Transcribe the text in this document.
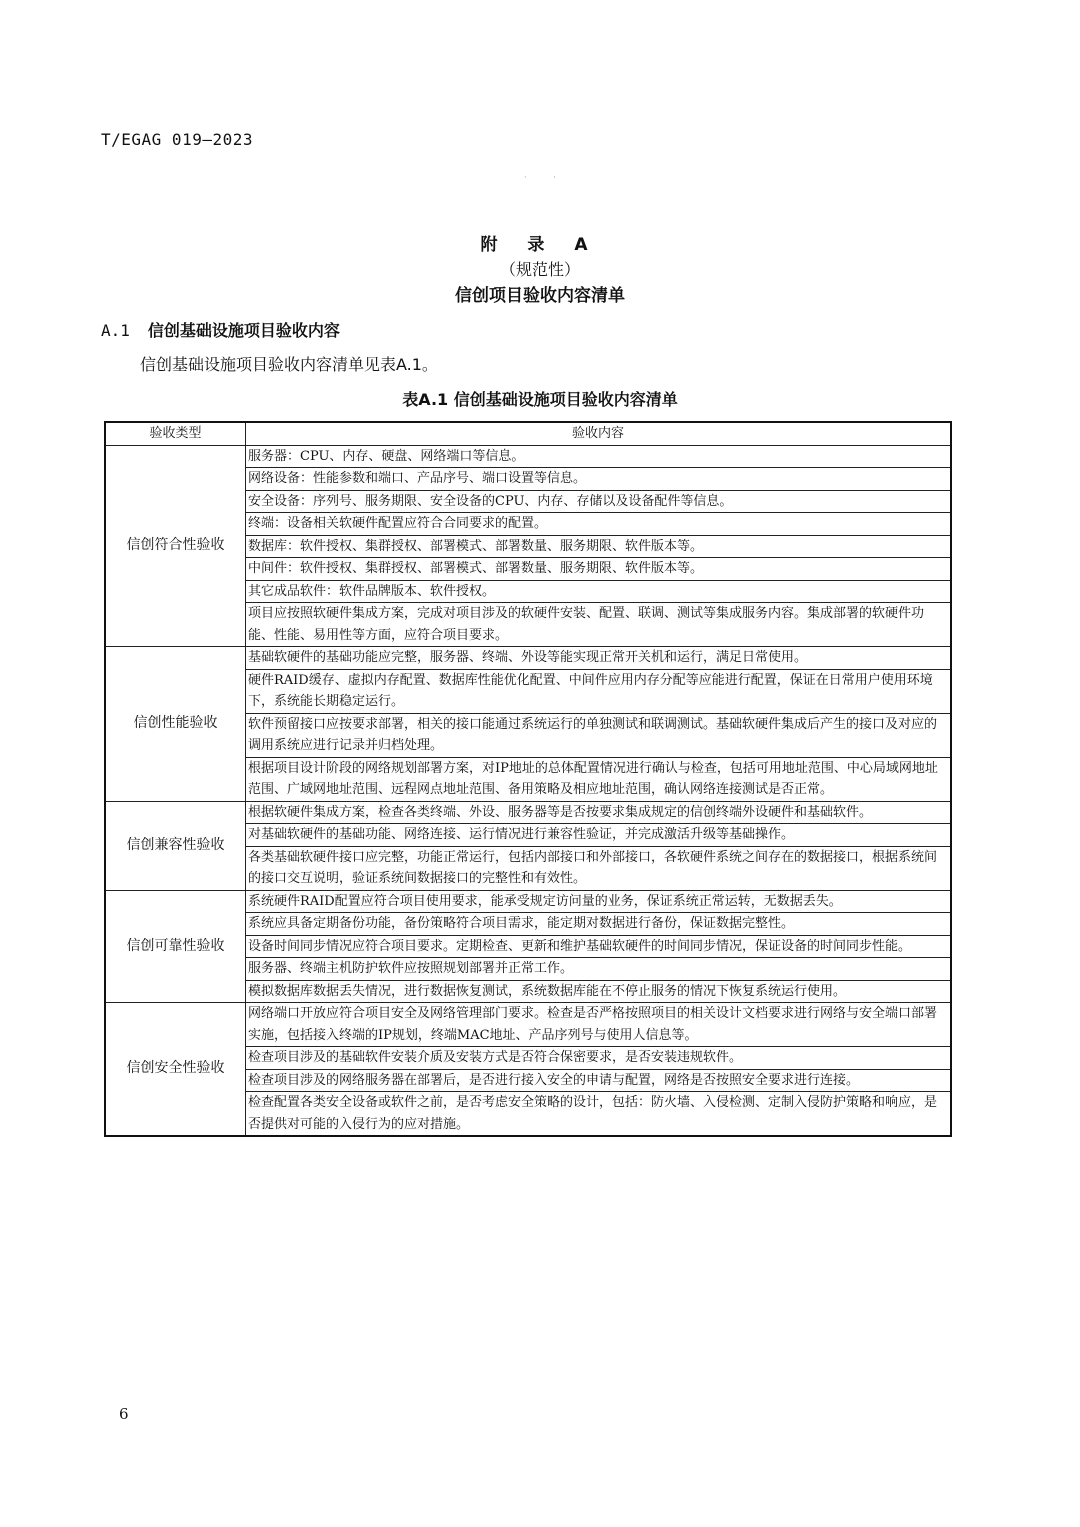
T/EGAG 019—2023
· ·
附 录 A
（规范性）
信创项目验收内容清单
A.1 信创基础设施项目验收内容
信创基础设施项目验收内容清单见表A.1。
表A.1 信创基础设施项目验收内容清单
验收类型	验收内容
信创符合性验收	服务器：CPU、内存、硬盘、网络端口等信息。
	网络设备：性能参数和端口、产品序号、端口设置等信息。
	安全设备：序列号、服务期限、安全设备的CPU、内存、存储以及设备配件等信息。
	终端：设备相关软硬件配置应符合合同要求的配置。
	数据库：软件授权、集群授权、部署模式、部署数量、服务期限、软件版本等。
	中间件：软件授权、集群授权、部署模式、部署数量、服务期限、软件版本等。
	其它成品软件：软件品牌版本、软件授权。
	项目应按照软硬件集成方案，完成对项目涉及的软硬件安装、配置、联调、测试等集成服务内容。集成部署的软硬件功能、性能、易用性等方面，应符合项目要求。
信创性能验收	基础软硬件的基础功能应完整，服务器、终端、外设等能实现正常开关机和运行，满足日常使用。
	硬件RAID缓存、虚拟内存配置、数据库性能优化配置、中间件应用内存分配等应能进行配置，保证在日常用户使用环境下，系统能长期稳定运行。
	软件预留接口应按要求部署，相关的接口能通过系统运行的单独测试和联调测试。基础软硬件集成后产生的接口及对应的调用系统应进行记录并归档处理。
	根据项目设计阶段的网络规划部署方案，对IP地址的总体配置情况进行确认与检查，包括可用地址范围、中心局域网地址范围、广域网地址范围、远程网点地址范围、备用策略及相应地址范围，确认网络连接测试是否正常。
信创兼容性验收	根据软硬件集成方案，检查各类终端、外设、服务器等是否按要求集成规定的信创终端外设硬件和基础软件。
	对基础软硬件的基础功能、网络连接、运行情况进行兼容性验证，并完成激活升级等基础操作。
	各类基础软硬件接口应完整，功能正常运行，包括内部接口和外部接口，各软硬件系统之间存在的数据接口，根据系统间的接口交互说明，验证系统间数据接口的完整性和有效性。
信创可靠性验收	系统硬件RAID配置应符合项目使用要求，能承受规定访问量的业务，保证系统正常运转，无数据丢失。
	系统应具备定期备份功能，备份策略符合项目需求，能定期对数据进行备份，保证数据完整性。
	设备时间同步情况应符合项目要求。定期检查、更新和维护基础软硬件的时间同步情况，保证设备的时间同步性能。
	服务器、终端主机防护软件应按照规划部署并正常工作。
	模拟数据库数据丢失情况，进行数据恢复测试，系统数据库能在不停止服务的情况下恢复系统运行使用。
信创安全性验收	网络端口开放应符合项目安全及网络管理部门要求。检查是否严格按照项目的相关设计文档要求进行网络与安全端口部署实施，包括接入终端的IP规划，终端MAC地址、产品序列号与使用人信息等。
	检查项目涉及的基础软件安装介质及安装方式是否符合保密要求，是否安装违规软件。
	检查项目涉及的网络服务器在部署后，是否进行接入安全的申请与配置，网络是否按照安全要求进行连接。
	检查配置各类安全设备或软件之前，是否考虑安全策略的设计，包括：防火墙、入侵检测、定制入侵防护策略和响应，是否提供对可能的入侵行为的应对措施。
6
